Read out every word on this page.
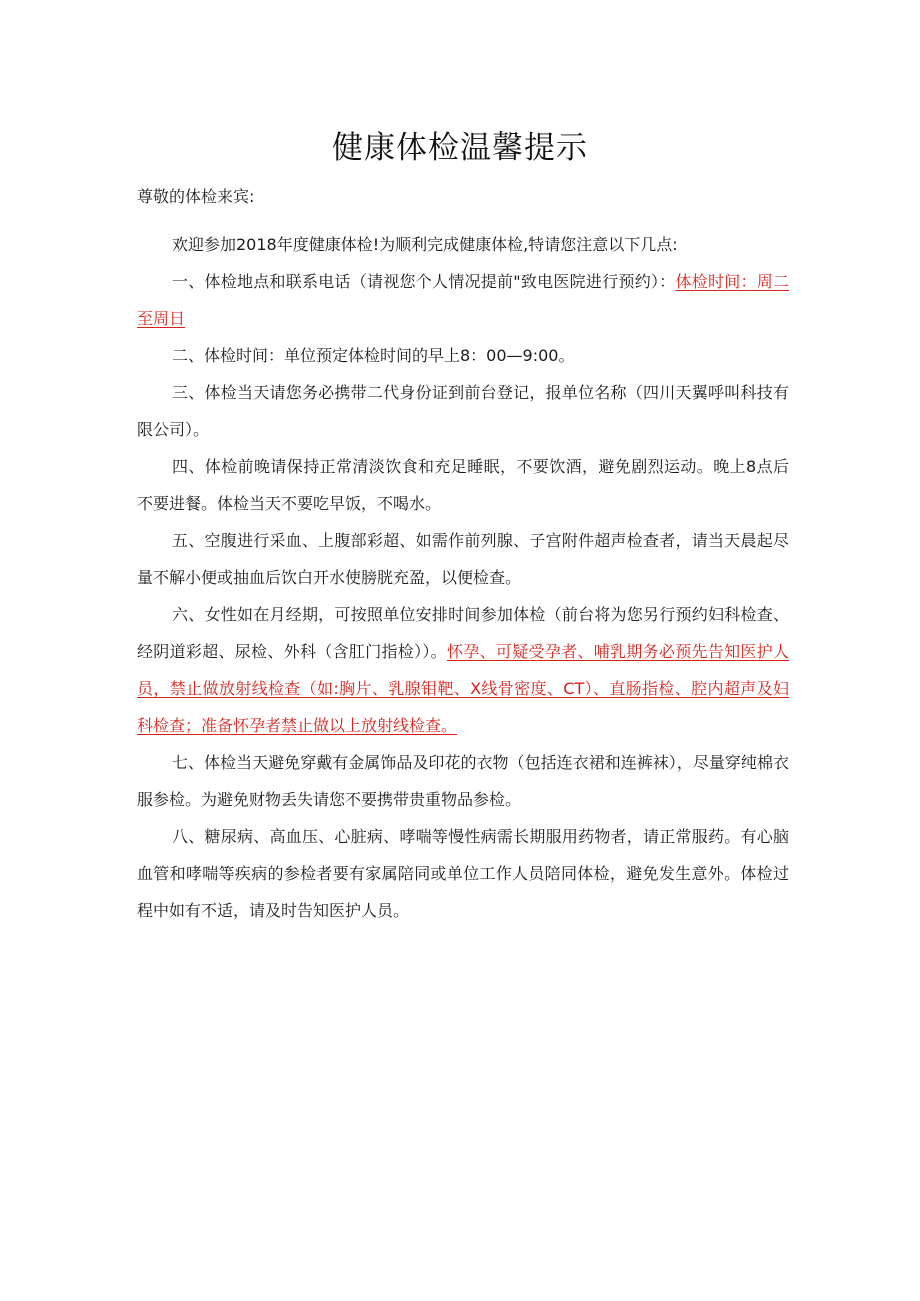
健康体检温馨提示
尊敬的体检来宾:

欢迎参加2018年度健康体检!为顺利完成健康体检,特请您注意以下几点:

一、体检地点和联系电话（请视您个人情况提前"致电医院进行预约）：体检时间：周二至周日

二、体检时间：单位预定体检时间的早上8：00—9:00。

三、体检当天请您务必携带二代身份证到前台登记，报单位名称（四川天翼呼叫科技有限公司）。

四、体检前晚请保持正常清淡饮食和充足睡眠，不要饮酒，避免剧烈运动。晚上8点后不要进餐。体检当天不要吃早饭，不喝水。

五、空腹进行采血、上腹部彩超、如需作前列腺、子宫附件超声检查者，请当天晨起尽量不解小便或抽血后饮白开水使膀胱充盈，以便检查。

六、女性如在月经期，可按照单位安排时间参加体检（前台将为您另行预约妇科检查、经阴道彩超、尿检、外科（含肛门指检））。怀孕、可疑受孕者、哺乳期务必预先告知医护人员，禁止做放射线检查（如:胸片、乳腺钼靶、X线骨密度、CT）、直肠指检、腔内超声及妇科检查；准备怀孕者禁止做以上放射线检查。

七、体检当天避免穿戴有金属饰品及印花的衣物（包括连衣裙和连裤袜），尽量穿纯棉衣服参检。为避免财物丢失请您不要携带贵重物品参检。

八、糖尿病、高血压、心脏病、哮喘等慢性病需长期服用药物者，请正常服药。有心脑血管和哮喘等疾病的参检者要有家属陪同或单位工作人员陪同体检，避免发生意外。体检过程中如有不适，请及时告知医护人员。
